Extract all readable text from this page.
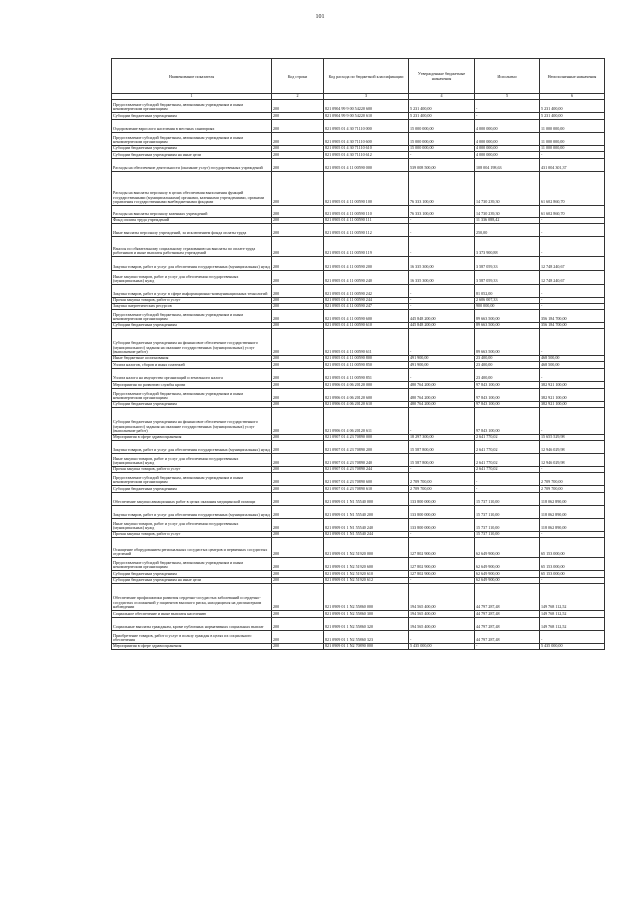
101
Наименование показателя	Код строки	Код расхода по бюджетной классификации	Утвержденные бюджетные назначения	Исполнено	Неисполненные назначения
1	2	3	4	5	6
Предоставление субсидий бюджетным, автономным учреждениям и иным некоммерческим организациям	200	821 0904 99 9 00 54220 600	5 231 400,00	-	5 231 400,00
Субсидии бюджетным учреждениям	200	821 0904 99 9 00 54220 610	5 231 400,00	-	5 231 400,00
Оздоровление взрослого населения в местных санаториях	200	821 0905 01 4 30 71110 000	15 000 000,00	4 000 000,00	11 000 000,00
Предоставление субсидий бюджетным, автономным учреждениям и иным некоммерческим организациям	200	821 0905 01 4 30 71110 600	15 000 000,00	4 000 000,00	11 000 000,00
Субсидии бюджетным учреждениям	200	821 0905 01 4 30 71110 610	15 000 000,00	4 000 000,00	11 000 000,00
Субсидии бюджетным учреждениям на иные цели	200	821 0905 01 4 30 71110 612	-	4 000 000,00	-
Расходы на обеспечение деятельности (оказание услуг) государственных учреждений	200	821 0905 01 4 11 00590 000	539 008 500,00	108 004 198,63	431 004 301,37
Расходы на выплаты персоналу в целях обеспечения выполнения функций государственными (муниципальными) органами, казенными учреждениями, органами управления государственными внебюджетными фондами	200	821 0905 01 4 11 00590 100	76 333 100,00	14 730 239,30	61 602 860,70
Расходы на выплаты персоналу казенных учреждений	200	821 0905 01 4 11 00590 110	76 333 100,00	14 730 239,30	61 602 860,70
Фонд оплаты труда учреждений	200	821 0905 01 4 11 00590 111	-	11 336 088,42	-
Иные выплаты персоналу учреждений, за исключением фонда оплаты труда	200	821 0905 01 4 11 00590 112	-	250,00	-
Взносы по обязательному социальному страхованию на выплаты по оплате труда работников и иные выплаты работникам учреждений	200	821 0905 01 4 11 00590 119	-	3 373 900,88	-
Закупка товаров, работ и услуг для обеспечения государственных (муниципальных) нужд	200	821 0905 01 4 11 00590 200	16 335 300,00	3 587 059,33	12 748 240,67
Иные закупки товаров, работ и услуг для обеспечения государственных (муниципальных) нужд	200	821 0905 01 4 11 00590 240	16 335 300,00	3 587 059,33	12 748 240,67
Закупка товаров, работ и услуг в сфере информационно-коммуникационных технологий	200	821 0905 01 4 11 00590 242	-	81 052,00	-
Прочая закупка товаров, работ и услуг	200	821 0905 01 4 11 00590 244	-	2 606 007,33	-
Закупка энергетических ресурсов	200	821 0905 01 4 11 00590 247	-	900 000,00	-
Предоставление субсидий бюджетным, автономным учреждениям и иным некоммерческим организациям	200	821 0905 01 4 11 00590 600	445 848 200,00	89 663 500,00	356 184 700,00
Субсидии бюджетным учреждениям	200	821 0905 01 4 11 00590 610	445 848 200,00	89 663 500,00	356 184 700,00
Субсидии бюджетным учреждениям на финансовое обеспечение государственного (муниципального) задания на оказание государственных (муниципальных) услуг (выполнение работ)	200	821 0905 01 4 11 00590 611	-	89 663 500,00	-
Иные бюджетные ассигнования	200	821 0905 01 4 11 00590 800	491 900,00	23 400,00	468 500,00
Уплата налогов, сборов и иных платежей	200	821 0905 01 4 11 00590 850	491 900,00	23 400,00	468 500,00
Уплата налога на имущество организаций и земельного налога	200	821 0905 01 4 11 00590 851	-	23 400,00	-
Мероприятия по развитию службы крови	200	821 0906 01 4 06 20120 000	480 764 200,00	97 843 100,00	382 921 100,00
Предоставление субсидий бюджетным, автономным учреждениям и иным некоммерческим организациям	200	821 0906 01 4 06 20120 600	480 764 200,00	97 843 100,00	382 921 100,00
Субсидии бюджетным учреждениям	200	821 0906 01 4 06 20120 610	480 764 200,00	97 843 100,00	382 921 100,00
Субсидии бюджетным учреждениям на финансовое обеспечение государственного (муниципального) задания на оказание государственных (муниципальных) услуг (выполнение работ)	200	821 0906 01 4 06 20120 611	-	97 843 100,00	-
Мероприятия в сфере здравоохранения	200	821 0907 01 4 23 70890 000	18 297 300,00	2 641 770,02	15 655 529,98
Закупка товаров, работ и услуг для обеспечения государственных (муниципальных) нужд	200	821 0907 01 4 23 70890 200	15 587 800,00	2 641 770,02	12 946 029,98
Иные закупки товаров, работ и услуг для обеспечения государственных (муниципальных) нужд	200	821 0907 01 4 23 70890 240	15 587 800,00	2 641 770,02	12 946 029,98
Прочая закупка товаров, работ и услуг	200	821 0907 01 4 23 70890 244	-	2 641 770,02	-
Предоставление субсидий бюджетным, автономным учреждениям и иным некоммерческим организациям	200	821 0907 01 4 23 70890 600	2 709 700,00	-	2 709 700,00
Субсидии бюджетным учреждениям	200	821 0907 01 4 23 70890 610	2 709 700,00	-	2 709 700,00
Обеспечение закупки авиационных работ в целях оказания медицинской помощи	200	821 0909 01 1 N1 55540 000	133 800 000,00	15 737 110,00	118 062 890,00
Закупка товаров, работ и услуг для обеспечения государственных (муниципальных) нужд	200	821 0909 01 1 N1 55540 200	133 800 000,00	15 737 110,00	118 062 890,00
Иные закупки товаров, работ и услуг для обеспечения государственных (муниципальных) нужд	200	821 0909 01 1 N1 55540 240	133 800 000,00	15 737 110,00	118 062 890,00
Прочая закупка товаров, работ и услуг	200	821 0909 01 1 N1 55540 244	-	15 737 110,00	-
Оснащение оборудованием региональных сосудистых центров и первичных сосудистых отделений	200	821 0909 01 1 N2 51920 000	127 802 900,00	62 649 900,00	65 153 000,00
Предоставление субсидий бюджетным, автономным учреждениям и иным некоммерческим организациям	200	821 0909 01 1 N2 51920 600	127 802 900,00	62 649 900,00	65 153 000,00
Субсидии бюджетным учреждениям	200	821 0909 01 1 N2 51920 610	127 802 900,00	62 649 900,00	65 153 000,00
Субсидии бюджетным учреждениям на иные цели	200	821 0909 01 1 N2 51920 612	-	62 649 900,00	-
Обеспечение профилактики развития сердечно-сосудистых заболеваний и сердечно-сосудистых осложнений у пациентов высокого риска, находящихся на диспансерном наблюдении	200	821 0909 01 1 N2 55860 000	194 565 400,00	44 797 287,48	149 768 112,52
Социальное обеспечение и иные выплаты населению	200	821 0909 01 1 N2 55860 300	194 565 400,00	44 797 287,48	149 768 112,52
Социальные выплаты гражданам, кроме публичных нормативных социальных выплат	200	821 0909 01 1 N2 55860 320	194 565 400,00	44 797 287,48	149 768 112,52
Приобретение товаров, работ и услуг в пользу граждан в целях их социального обеспечения	200	821 0909 01 1 N2 55860 323	-	44 797 287,48	-
Мероприятия в сфере здравоохранения	200	821 0909 01 1 N2 70890 000	5 435 000,00	-	5 435 000,00
